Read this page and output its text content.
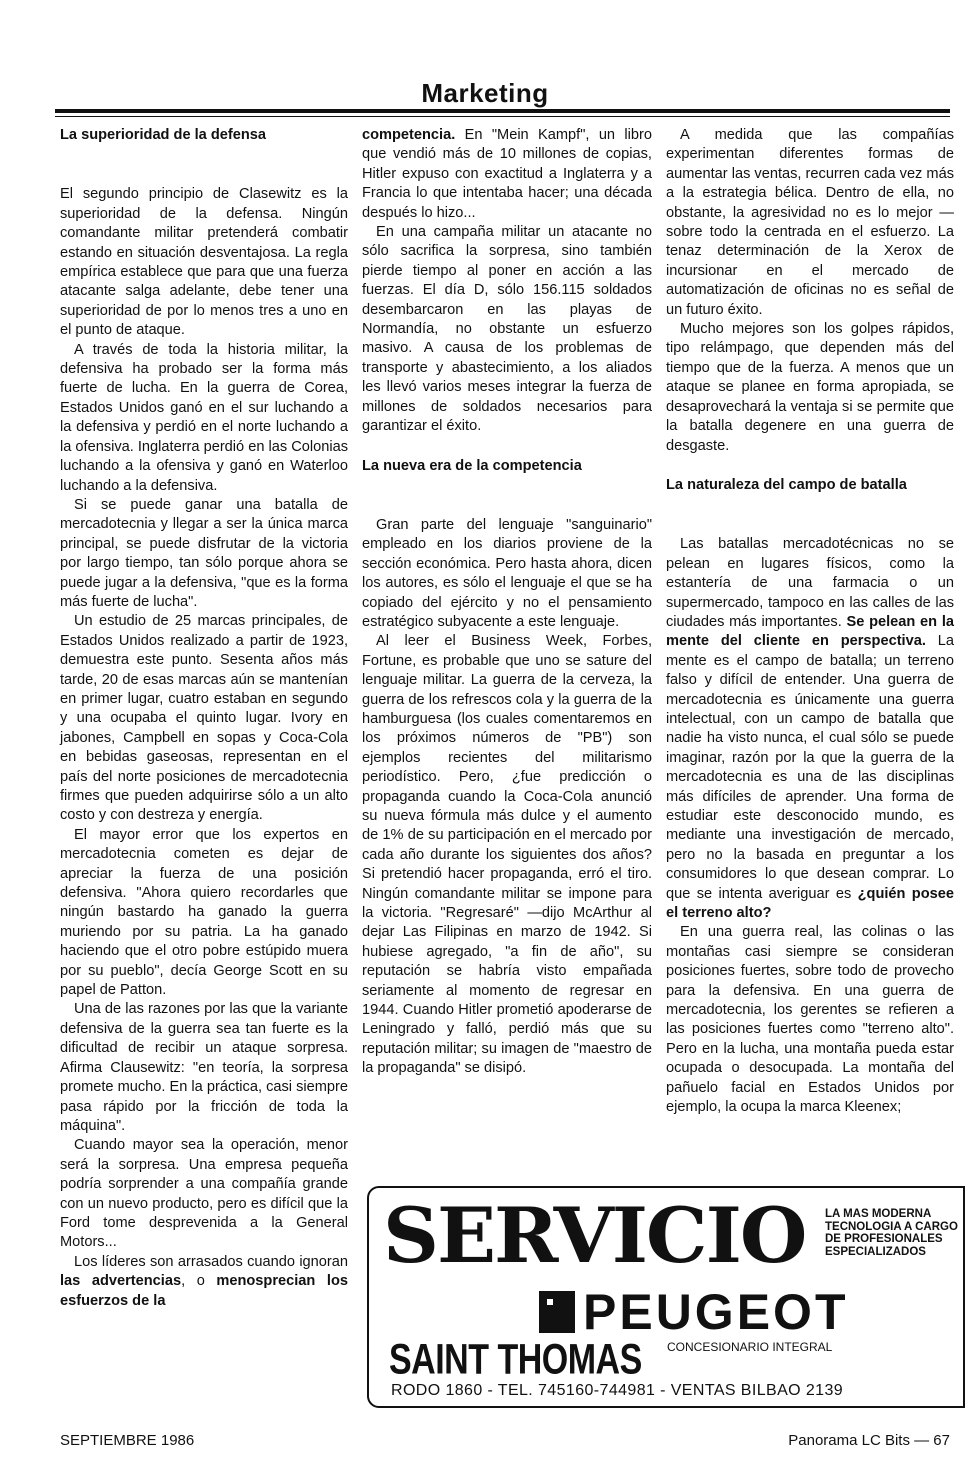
Marketing
La superioridad de la defensa

El segundo principio de Clasewitz es la superioridad de la defensa. Ningún comandante militar pretenderá combatir estando en situación desventajosa. La regla empírica establece que para que una fuerza atacante salga adelante, debe tener una superioridad de por lo menos tres a uno en el punto de ataque.

A través de toda la historia militar, la defensiva ha probado ser la forma más fuerte de lucha. En la guerra de Corea, Estados Unidos ganó en el sur luchando a la defensiva y perdió en el norte luchando a la ofensiva. Inglaterra perdió en las Colonias luchando a la ofensiva y ganó en Waterloo luchando a la defensiva.

Si se puede ganar una batalla de mercadotecnia y llegar a ser la única marca principal, se puede disfrutar de la victoria por largo tiempo, tan sólo porque ahora se puede jugar a la defensiva, "que es la forma más fuerte de lucha".

Un estudio de 25 marcas principales, de Estados Unidos realizado a partir de 1923, demuestra este punto. Sesenta años más tarde, 20 de esas marcas aún se mantenían en primer lugar, cuatro estaban en segundo y una ocupaba el quinto lugar. Ivory en jabones, Campbell en sopas y Coca-Cola en bebidas gaseosas, representan en el país del norte posiciones de mercadotecnia firmes que pueden adquirirse sólo a un alto costo y con destreza y energía.

El mayor error que los expertos en mercadotecnia cometen es dejar de apreciar la fuerza de una posición defensiva. "Ahora quiero recordarles que ningún bastardo ha ganado la guerra muriendo por su patria. La ha ganado haciendo que el otro pobre estúpido muera por su pueblo", decía George Scott en su papel de Patton.

Una de las razones por las que la variante defensiva de la guerra sea tan fuerte es la dificultad de recibir un ataque sorpresa. Afirma Clausewitz: "en teoría, la sorpresa promete mucho. En la práctica, casi siempre pasa rápido por la fricción de toda la máquina".

Cuando mayor sea la operación, menor será la sorpresa. Una empresa pequeña podría sorprender a una compañía grande con un nuevo producto, pero es difícil que la Ford tome desprevenida a la General Motors...

Los líderes son arrasados cuando ignoran las advertencias, o menosprecian los esfuerzos de la

competencia. En "Mein Kampf", un libro que vendió más de 10 millones de copias, Hitler expuso con exactitud a Inglaterra y a Francia lo que intentaba hacer; una década después lo hizo...

En una campaña militar un atacante no sólo sacrifica la sorpresa, sino también pierde tiempo al poner en acción a las fuerzas. El día D, sólo 156.115 soldados desembarcaron en las playas de Normandía, no obstante un esfuerzo masivo. A causa de los problemas de transporte y abastecimiento, a los aliados les llevó varios meses integrar la fuerza de millones de soldados necesarios para garantizar el éxito.

La nueva era de la competencia

Gran parte del lenguaje "sanguinario" empleado en los diarios proviene de la sección económica. Pero hasta ahora, dicen los autores, es sólo el lenguaje el que se ha copiado del ejército y no el pensamiento estratégico subyacente a este lenguaje.

Al leer el Business Week, Forbes, Fortune, es probable que uno se sature del lenguaje militar. La guerra de la cerveza, la guerra de los refrescos cola y la guerra de la hamburguesa (los cuales comentaremos en los próximos números de "PB") son ejemplos recientes del militarismo periodístico. Pero, ¿fue predicción o propaganda cuando la Coca-Cola anunció su nueva fórmula más dulce y el aumento de 1% de su participación en el mercado por cada año durante los siguientes dos años? Si pretendió hacer propaganda, erró el tiro. Ningún comandante militar se impone para la victoria. "Regresaré" —dijo McArthur al dejar Las Filipinas en marzo de 1942. Si hubiese agregado, "a fin de año", su reputación se habría visto empañada seriamente al momento de regresar en 1944. Cuando Hitler prometió apoderarse de Leningrado y falló, perdió más que su reputación militar; su imagen de "maestro de la propaganda" se disipó.

A medida que las compañías experimentan diferentes formas de aumentar las ventas, recurren cada vez más a la estrategia bélica. Dentro de ella, no obstante, la agresividad no es lo mejor —sobre todo la centrada en el esfuerzo. La tenaz determinación de la Xerox de incursionar en el mercado de automatización de oficinas no es señal de un futuro éxito.

Mucho mejores son los golpes rápidos, tipo relámpago, que dependen más del tiempo que de la fuerza. A menos que un ataque se planee en forma apropiada, se desaprovechará la ventaja si se permite que la batalla degenere en una guerra de desgaste.

La naturaleza del campo de batalla

Las batallas mercadotécnicas no se pelean en lugares físicos, como la estantería de una farmacia o un supermercado, tampoco en las calles de las ciudades más importantes. Se pelean en la mente del cliente en perspectiva. La mente es el campo de batalla; un terreno falso y difícil de entender. Una guerra de mercadotecnia es únicamente una guerra intelectual, con un campo de batalla que nadie ha visto nunca, el cual sólo se puede imaginar, razón por la que la guerra de la mercadotecnia es una de las disciplinas más difíciles de aprender. Una forma de estudiar este desconocido mundo, es mediante una investigación de mercado, pero no la basada en preguntar a los consumidores lo que desean comprar. Lo que se intenta averiguar es ¿quién posee el terreno alto?

En una guerra real, las colinas o las montañas casi siempre se consideran posiciones fuertes, sobre todo de provecho para la defensiva. En una guerra de mercadotecnia, los gerentes se refieren a las posiciones fuertes como "terreno alto". Pero en la lucha, una montaña pueda estar ocupada o desocupada. La montaña del pañuelo facial en Estados Unidos por ejemplo, la ocupa la marca Kleenex;

SERVICIO LA MAS MODERNA TECNOLOGIA A CARGO DE PROFESIONALES ESPECIALIZADOS
PEUGEOT
SAINT THOMAS CONCESIONARIO INTEGRAL
RODO 1860 - TEL. 745160-744981 - VENTAS BILBAO 2139
SEPTIEMBRE 1986	Panorama LC Bits — 67
